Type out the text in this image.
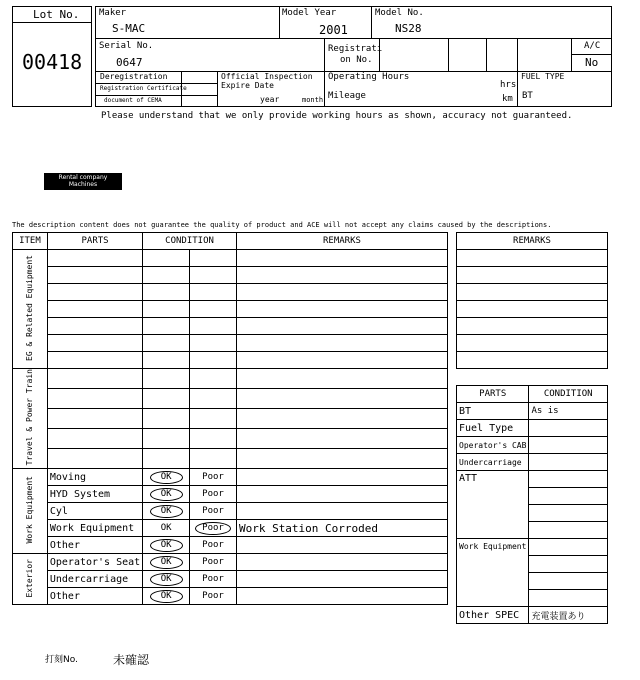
Lot No.
00418
Maker
S-MAC
Model Year
2001
Model No.
NS28
Serial No.
0647
Registrati
on No.
A/C
No
Deregistration
Registration Certificate
document of CEMA
Official Inspection
Expire Date
year	month
Operating Hours
hrs
Mileage	km
FUEL TYPE
BT
Please understand that we only provide working hours as shown, accuracy not guaranteed.
Rental company
Machines
The description content does not guarantee the quality of product and ACE will not accept any claims caused by the descriptions.
ITEM	PARTS	CONDITION		REMARKS
EG & Related Equipment				

Travel & Power Train				

Work Equipment	Moving	OK	Poor	
	HYD System	OK	Poor	
	Cyl	OK	Poor	
	Work Equipment	OK	Poor	Work Station Corroded
	Other	OK	Poor	
Exterior	Operator's Seat	OK	Poor	
	Undercarriage	OK	Poor	
	Other	OK	Poor	
REMARKS

PARTS	CONDITION
BT	As is
Fuel Type	
Operator's CAB	
Undercarriage	
ATT	

Work Equipment	

Other SPEC	充電装置あり
打刻No.	未確認
